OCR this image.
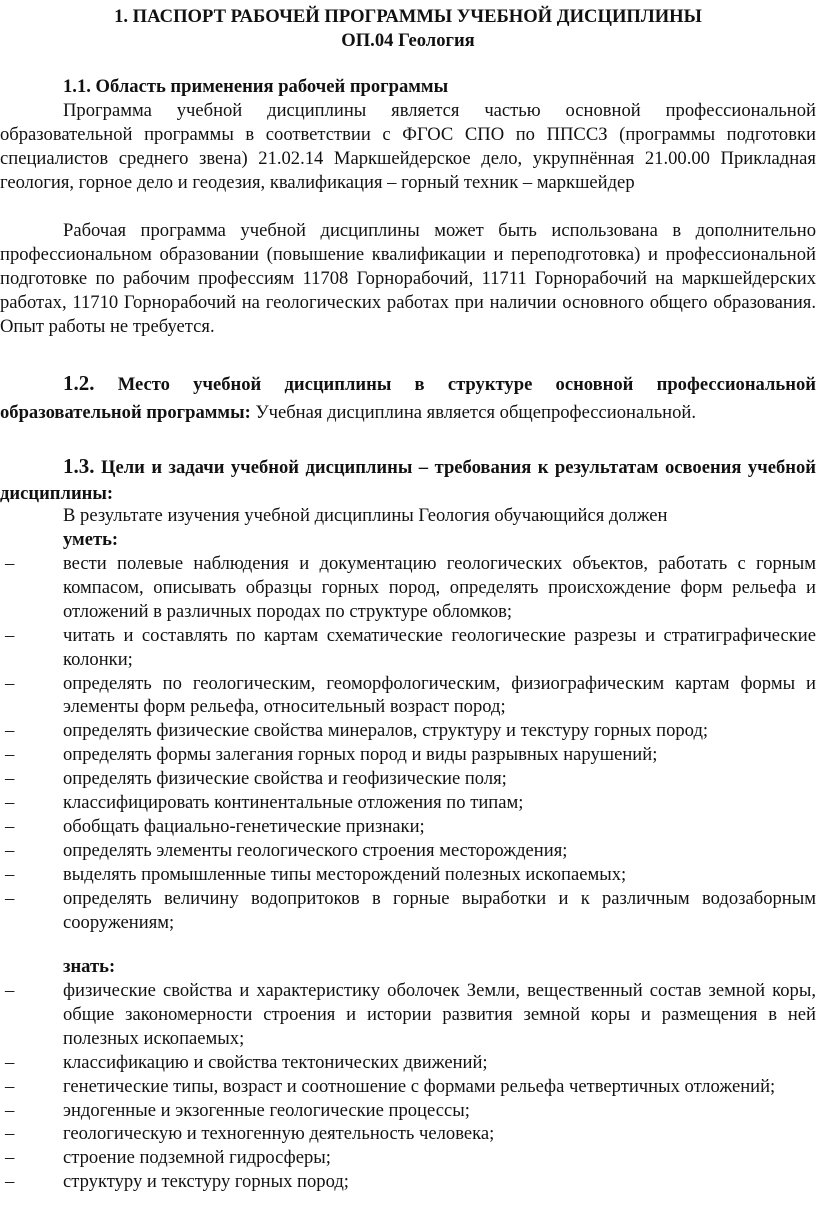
1. ПАСПОРТ РАБОЧЕЙ ПРОГРАММЫ УЧЕБНОЙ ДИСЦИПЛИНЫ
ОП.04 Геология
1.1. Область применения рабочей программы
Программа учебной дисциплины является частью основной профессиональной образовательной программы в соответствии с ФГОС СПО по ППССЗ (программы подготовки специалистов среднего звена) 21.02.14 Маркшейдерское дело, укрупнённая 21.00.00 Прикладная геология, горное дело и геодезия, квалификация – горный техник – маркшейдер
Рабочая программа учебной дисциплины может быть использована в дополнительно профессиональном образовании (повышение квалификации и переподготовка) и профессиональной подготовке по рабочим профессиям 11708 Горнорабочий, 11711 Горнорабочий на маркшейдерских работах, 11710 Горнорабочий на геологических работах при наличии основного общего образования. Опыт работы не требуется.
1.2. Место учебной дисциплины в структуре основной профессиональной образовательной программы: Учебная дисциплина является общепрофессиональной.
1.3. Цели и задачи учебной дисциплины – требования к результатам освоения учебной дисциплины:
В результате изучения учебной дисциплины Геология обучающийся должен
уметь:
–	вести полевые наблюдения и документацию геологических объектов, работать с горным компасом, описывать образцы горных пород, определять происхождение форм рельефа и отложений в различных породах по структуре обломков;
–	читать и составлять по картам схематические геологические разрезы и стратиграфические колонки;
–	определять по геологическим, геоморфологическим, физиографическим картам формы и элементы форм рельефа, относительный возраст пород;
–	определять физические свойства минералов, структуру и текстуру горных пород;
–	определять формы залегания горных пород и виды разрывных нарушений;
–	определять физические свойства и геофизические поля;
–	классифицировать континентальные отложения по типам;
–	обобщать фациально-генетические признаки;
–	определять элементы геологического строения месторождения;
–	выделять промышленные типы месторождений полезных ископаемых;
–	определять величину водопритоков в горные выработки и к различным водозаборным сооружениям;
знать:
–	физические свойства и характеристику оболочек Земли, вещественный состав земной коры, общие закономерности строения и истории развития земной коры и размещения в ней полезных ископаемых;
–	классификацию и свойства тектонических движений;
–	генетические типы, возраст и соотношение с формами рельефа четвертичных отложений;
–	эндогенные и экзогенные геологические процессы;
–	геологическую и техногенную деятельность человека;
–	строение подземной гидросферы;
–	структуру и текстуру горных пород;
